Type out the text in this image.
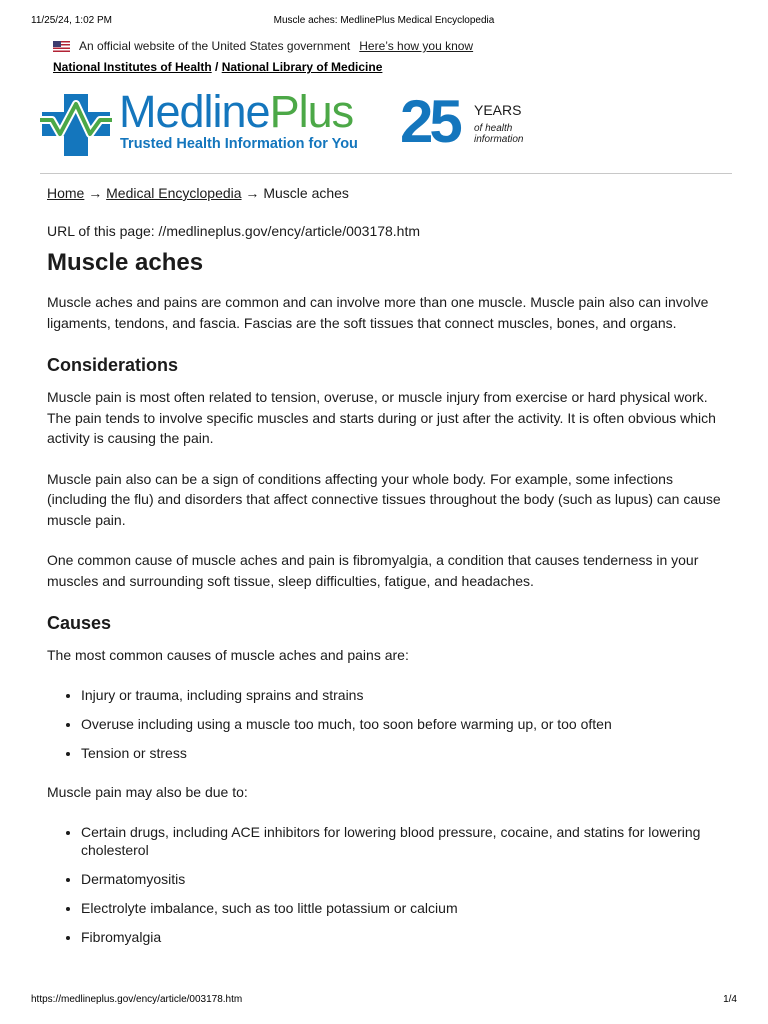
11/25/24, 1:02 PM	Muscle aches: MedlinePlus Medical Encyclopedia
An official website of the United States government Here’s how you know
National Institutes of Health / National Library of Medicine
MedlinePlus
Trusted Health Information for You 25 YEARS
of health
information
Home → Medical Encyclopedia → Muscle aches
URL of this page: //medlineplus.gov/ency/article/003178.htm
Muscle aches

Muscle aches and pains are common and can involve more than one muscle. Muscle pain also can involve ligaments, tendons, and fascia. Fascias are the soft tissues that connect muscles, bones, and organs.

Considerations

Muscle pain is most often related to tension, overuse, or muscle injury from exercise or hard physical work. The pain tends to involve specific muscles and starts during or just after the activity. It is often obvious which activity is causing the pain.

Muscle pain also can be a sign of conditions affecting your whole body. For example, some infections (including the flu) and disorders that affect connective tissues throughout the body (such as lupus) can cause muscle pain.

One common cause of muscle aches and pain is fibromyalgia, a condition that causes tenderness in your muscles and surrounding soft tissue, sleep difficulties, fatigue, and headaches.

Causes

The most common causes of muscle aches and pains are:

• Injury or trauma, including sprains and strains
• Overuse including using a muscle too much, too soon before warming up, or too often
• Tension or stress

Muscle pain may also be due to:

• Certain drugs, including ACE inhibitors for lowering blood pressure, cocaine, and statins for lowering cholesterol
• Dermatomyositis
• Electrolyte imbalance, such as too little potassium or calcium
• Fibromyalgia
https://medlineplus.gov/ency/article/003178.htm	1/4
